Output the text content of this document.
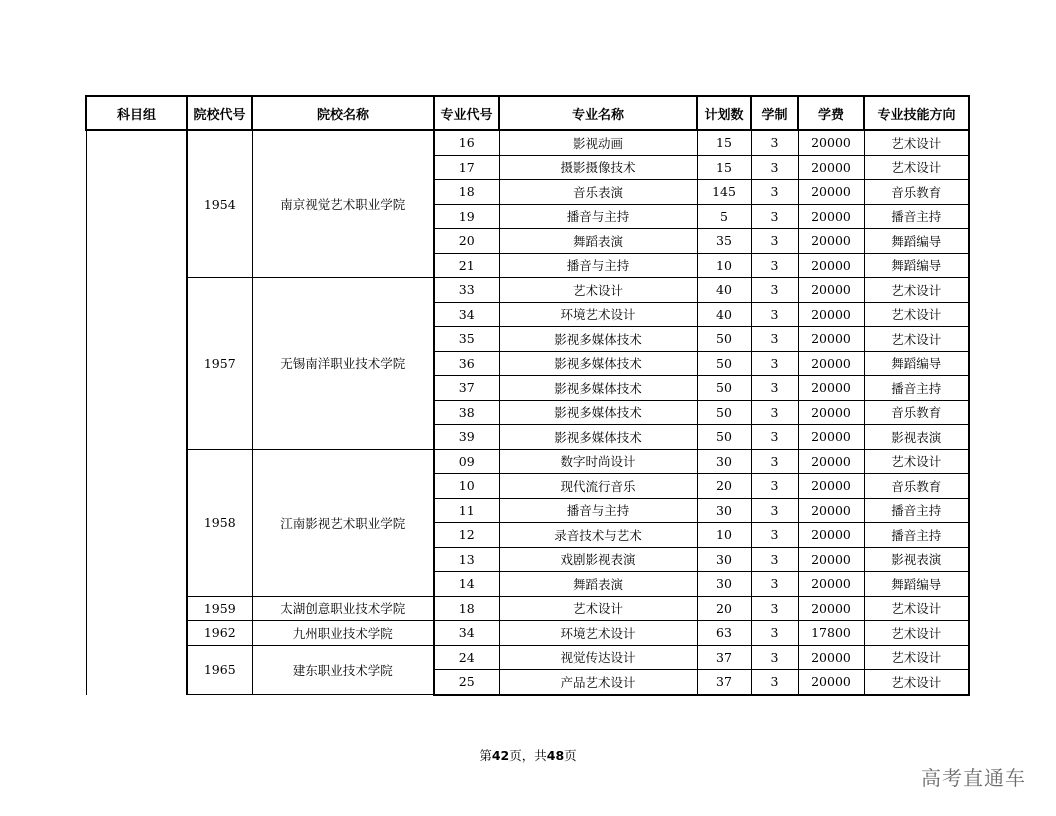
科目组	院校代号	院校名称	专业代号	专业名称	计划数	学制	学费	专业技能方向
	1954	南京视觉艺术职业学院	16	影视动画	15	3	20000	艺术设计
			17	摄影摄像技术	15	3	20000	艺术设计
			18	音乐表演	145	3	20000	音乐教育
			19	播音与主持	5	3	20000	播音主持
			20	舞蹈表演	35	3	20000	舞蹈编导
			21	播音与主持	10	3	20000	舞蹈编导
	1957	无锡南洋职业技术学院	33	艺术设计	40	3	20000	艺术设计
			34	环境艺术设计	40	3	20000	艺术设计
			35	影视多媒体技术	50	3	20000	艺术设计
			36	影视多媒体技术	50	3	20000	舞蹈编导
			37	影视多媒体技术	50	3	20000	播音主持
			38	影视多媒体技术	50	3	20000	音乐教育
			39	影视多媒体技术	50	3	20000	影视表演
	1958	江南影视艺术职业学院	09	数字时尚设计	30	3	20000	艺术设计
			10	现代流行音乐	20	3	20000	音乐教育
			11	播音与主持	30	3	20000	播音主持
			12	录音技术与艺术	10	3	20000	播音主持
			13	戏剧影视表演	30	3	20000	影视表演
			14	舞蹈表演	30	3	20000	舞蹈编导
	1959	太湖创意职业技术学院	18	艺术设计	20	3	20000	艺术设计
	1962	九州职业技术学院	34	环境艺术设计	63	3	17800	艺术设计
	1965	建东职业技术学院	24	视觉传达设计	37	3	20000	艺术设计
			25	产品艺术设计	37	3	20000	艺术设计
第42页，共48页
高考直通车
